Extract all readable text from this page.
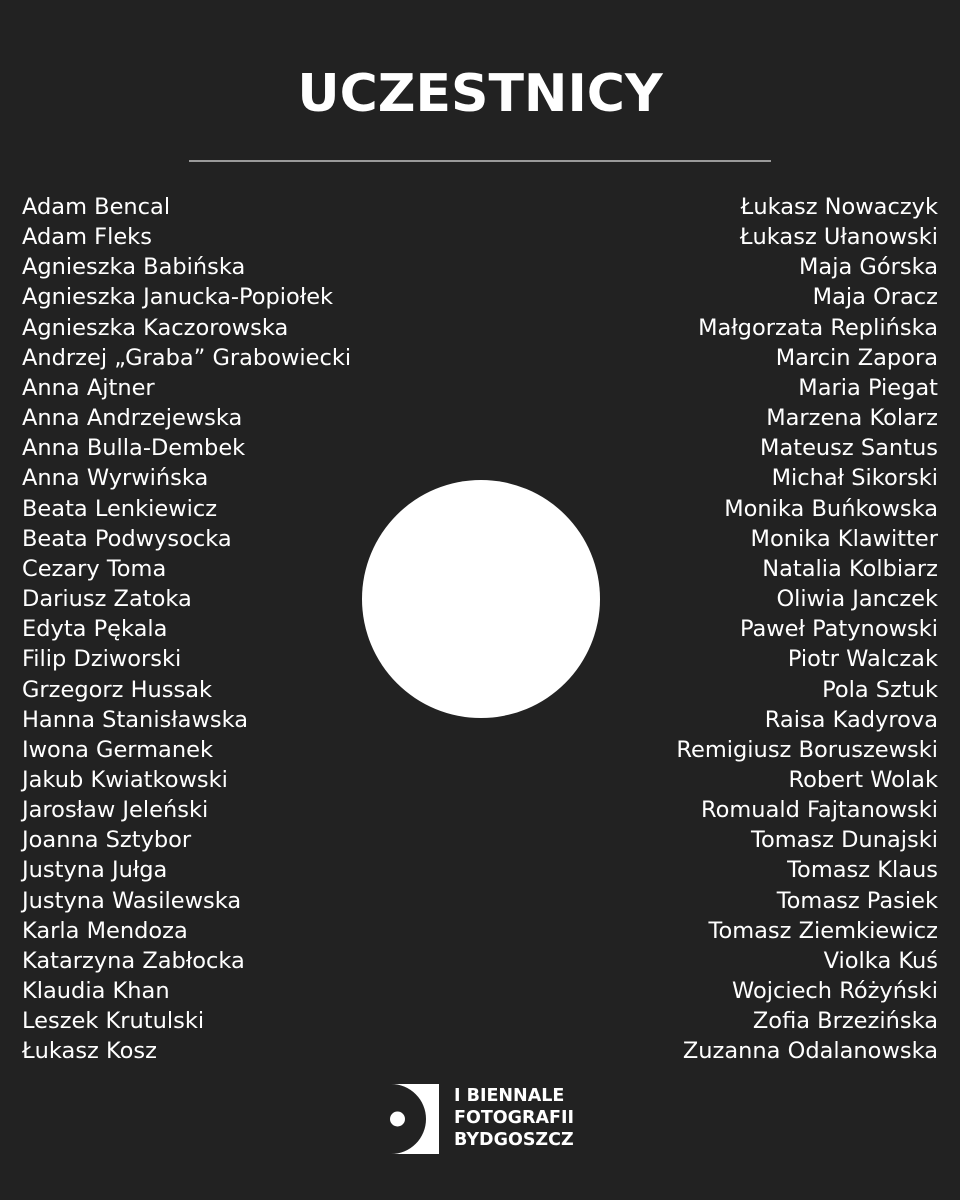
UCZESTNICY
Adam Bencal
Adam Fleks
Agnieszka Babińska
Agnieszka Janucka-Popiołek
Agnieszka Kaczorowska
Andrzej „Graba” Grabowiecki
Anna Ajtner
Anna Andrzejewska
Anna Bulla-Dembek
Anna Wyrwińska
Beata Lenkiewicz
Beata Podwysocka
Cezary Toma
Dariusz Zatoka
Edyta Pękala
Filip Dziworski
Grzegorz Hussak
Hanna Stanisławska
Iwona Germanek
Jakub Kwiatkowski
Jarosław Jeleński
Joanna Sztybor
Justyna Jułga
Justyna Wasilewska
Karla Mendoza
Katarzyna Zabłocka
Klaudia Khan
Leszek Krutulski
Łukasz Kosz
Łukasz Nowaczyk
Łukasz Ułanowski
Maja Górska
Maja Oracz
Małgorzata Replińska
Marcin Zapora
Maria Piegat
Marzena Kolarz
Mateusz Santus
Michał Sikorski
Monika Buńkowska
Monika Klawitter
Natalia Kolbiarz
Oliwia Janczek
Paweł Patynowski
Piotr Walczak
Pola Sztuk
Raisa Kadyrova
Remigiusz Boruszewski
Robert Wolak
Romuald Fajtanowski
Tomasz Dunajski
Tomasz Klaus
Tomasz Pasiek
Tomasz Ziemkiewicz
Violka Kuś
Wojciech Różyński
Zofia Brzezińska
Zuzanna Odalanowska
I BIENNALE
FOTOGRAFII
BYDGOSZCZ
